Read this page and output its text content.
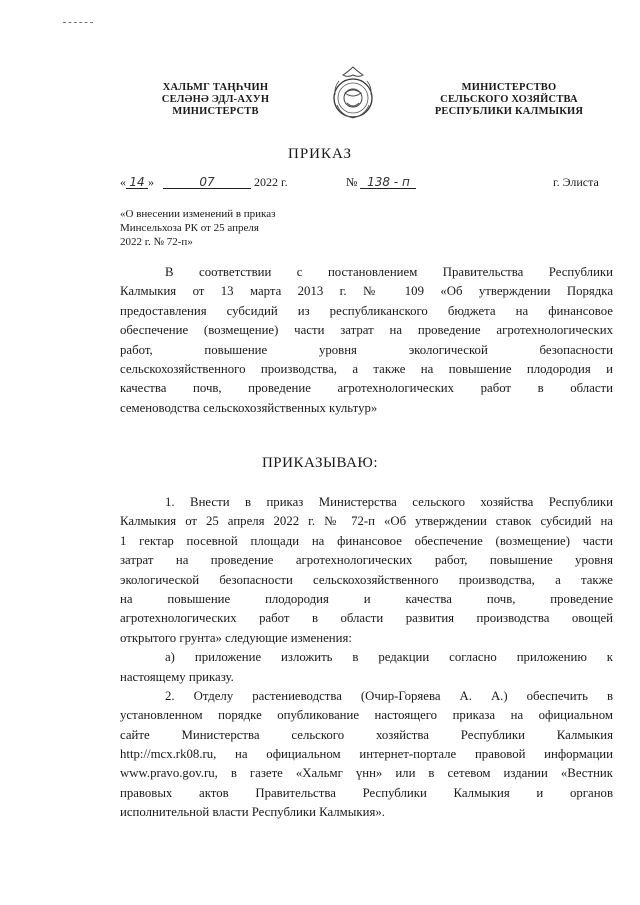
ХАЛЬМГ ТАҢҺЧИН
СЕЛӘНӘ ЭДЛ-АХУН
МИНИСТЕРСТВ
МИНИСТЕРСТВО
СЕЛЬСКОГО ХОЗЯЙСТВА
РЕСПУБЛИКИ КАЛМЫКИЯ
ПРИКАЗ
« 14 »	07	2022 г.	№ 138 - п	г. Элиста
«О внесении изменений в приказ
Минсельхоза РК от 25 апреля
2022 г. № 72-п»
В соответствии с постановлением Правительства Республики
Калмыкия от 13 марта 2013 г. № 109 «Об утверждении Порядка
предоставления субсидий из республиканского бюджета на финансовое
обеспечение (возмещение) части затрат на проведение агротехнологических
работ, повышение уровня экологической безопасности
сельскохозяйственного производства, а также на повышение плодородия и
качества почв, проведение агротехнологических работ в области
семеноводства сельскохозяйственных культур»
ПРИКАЗЫВАЮ:
1. Внести в приказ Министерства сельского хозяйства Республики
Калмыкия от 25 апреля 2022 г. № 72-п «Об утверждении ставок субсидий на
1 гектар посевной площади на финансовое обеспечение (возмещение) части
затрат на проведение агротехнологических работ, повышение уровня
экологической безопасности сельскохозяйственного производства, а также
на повышение плодородия и качества почв, проведение
агротехнологических работ в области развития производства овощей
открытого грунта» следующие изменения:
а) приложение изложить в редакции согласно приложению к
настоящему приказу.
2. Отделу растениеводства (Очир-Горяева А. А.) обеспечить в
установленном порядке опубликование настоящего приказа на официальном
сайте Министерства сельского хозяйства Республики Калмыкия
http://mcx.rk08.ru, на официальном интернет-портале правовой информации
www.pravo.gov.ru, в газете «Хальмг үнн» или в сетевом издании «Вестник
правовых актов Правительства Республики Калмыкия и органов
исполнительной власти Республики Калмыкия».
